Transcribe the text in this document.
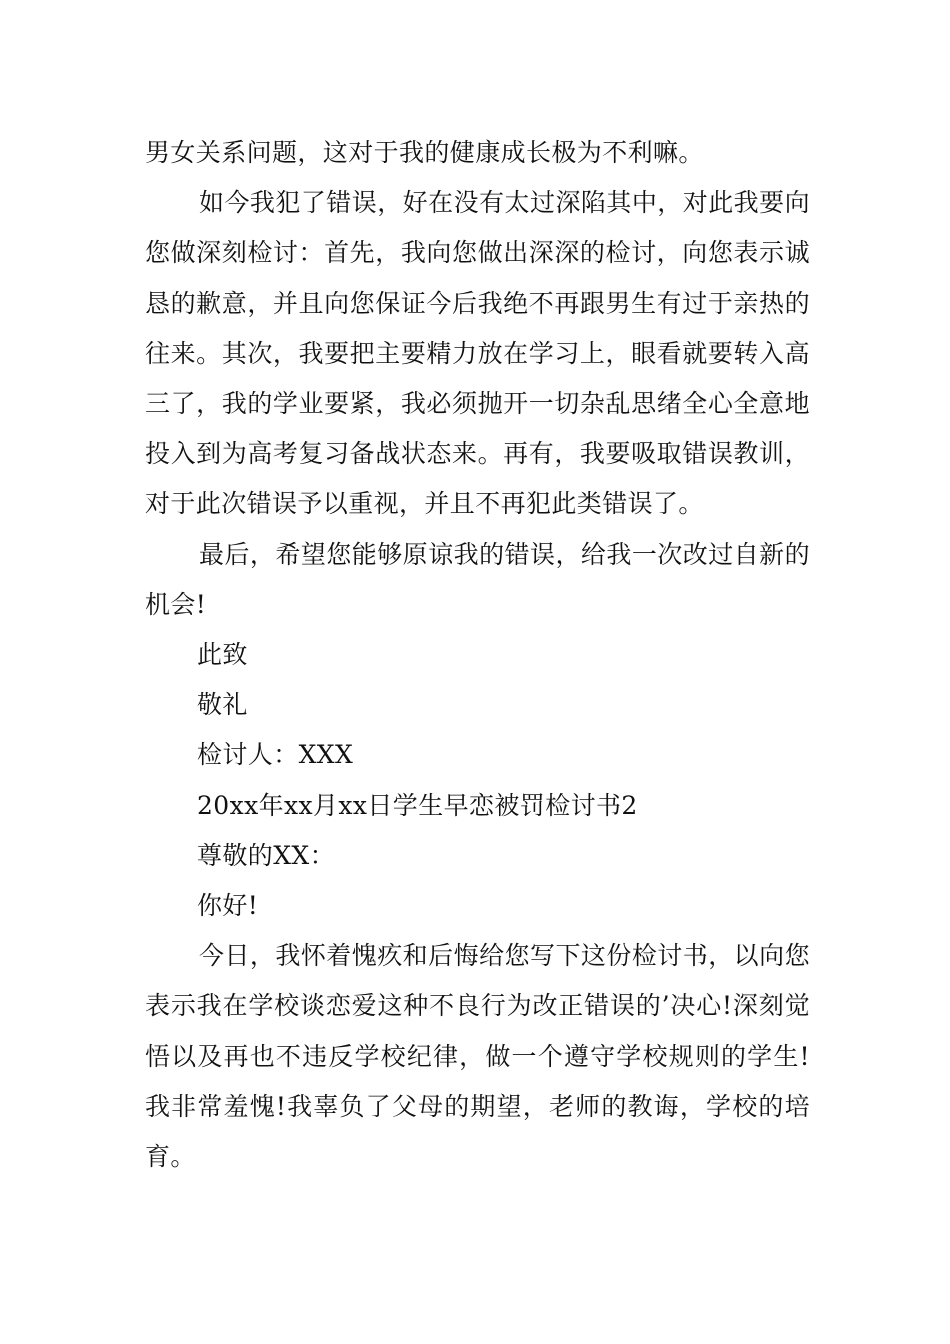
男女关系问题，这对于我的健康成长极为不利嘛。

如今我犯了错误，好在没有太过深陷其中，对此我要向您做深刻检讨：首先，我向您做出深深的检讨，向您表示诚恳的歉意，并且向您保证今后我绝不再跟男生有过于亲热的往来。其次，我要把主要精力放在学习上，眼看就要转入高三了，我的学业要紧，我必须抛开一切杂乱思绪全心全意地投入到为高考复习备战状态来。再有，我要吸取错误教训，对于此次错误予以重视，并且不再犯此类错误了。

最后，希望您能够原谅我的错误，给我一次改过自新的机会!

此致

敬礼

检讨人：XXX

20xx年xx月xx日学生早恋被罚检讨书2

尊敬的XX：

你好!

今日，我怀着愧疚和后悔给您写下这份检讨书，以向您表示我在学校谈恋爱这种不良行为改正错误的’决心!深刻觉悟以及再也不违反学校纪律，做一个遵守学校规则的学生!我非常羞愧!我辜负了父母的期望，老师的教诲，学校的培育。
